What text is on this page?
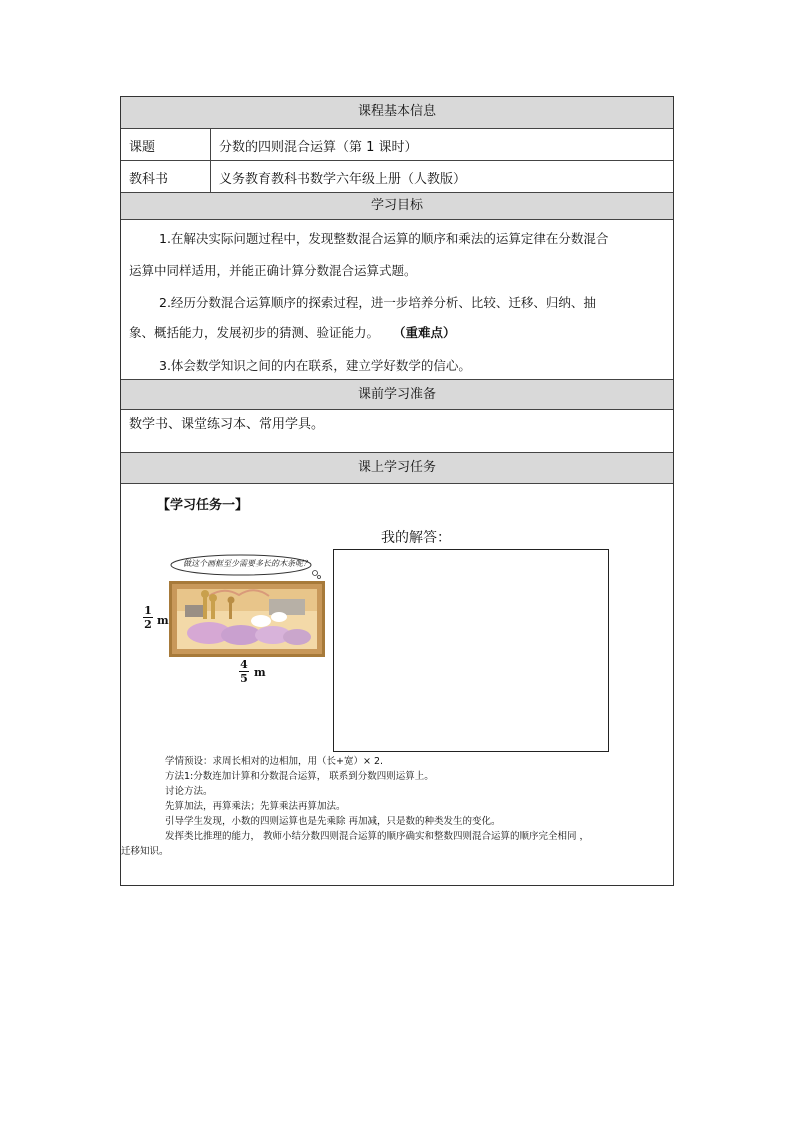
课程基本信息
课题	分数的四则混合运算（第 1 课时）
教科书	义务教育教科书数学六年级上册（人教版）
学习目标
1.在解决实际问题过程中，发现整数混合运算的顺序和乘法的运算定律在分数混合
运算中同样适用，并能正确计算分数混合运算式题。
2.经历分数混合运算顺序的探索过程，进一步培养分析、比较、迁移、归纳、抽
象、概括能力，发展初步的猜测、验证能力。 （重难点）
3.体会数学知识之间的内在联系，建立学好数学的信心。
课前学习准备
数学书、课堂练习本、常用学具。
课上学习任务
【学习任务一】
做这个画框至少需要多长的木条呢？
1
2 m
4
5 m
我的解答：
学情预设：求周长相对的边相加，用（长+宽）× 2.
方法1:分数连加计算和分数混合运算， 联系到分数四则运算上。
讨论方法。
先算加法，再算乘法；先算乘法再算加法。
引导学生发现，小数的四则运算也是先乘除 再加减，只是数的种类发生的变化。
发挥类比推理的能力， 教师小结分数四则混合运算的顺序确实和整数四则混合运算的顺序完全相同 ，
迁移知识。
